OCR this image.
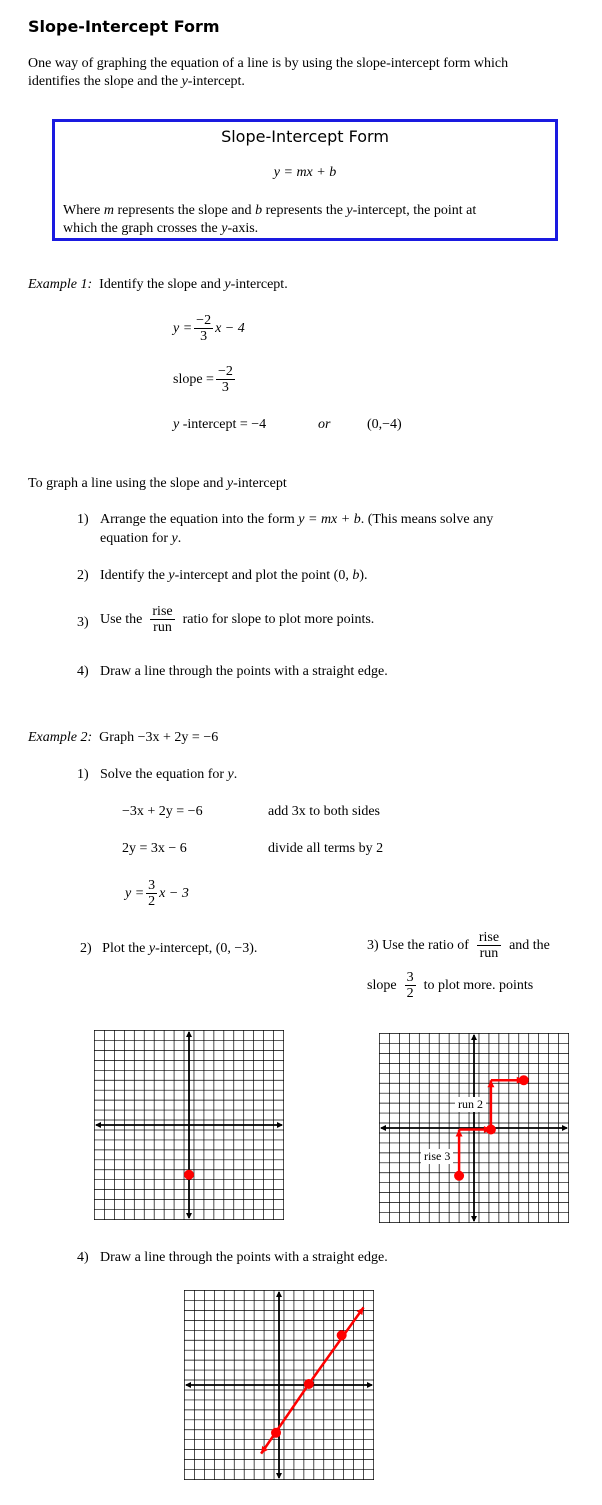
Slope-Intercept Form
One way of graphing the equation of a line is by using the slope-intercept form which
identifies the slope and the y-intercept.
Slope-Intercept Form
y = mx + b
Where m represents the slope and b represents the y-intercept, the point at
which the graph crosses the y-axis.
Example 1: Identify the slope and y-intercept.
$y = \frac{-2}{3}$ x − 4
slope = $\frac{-2}{3}$
y -intercept = −4	or	(0,−4)
To graph a line using the slope and y-intercept
1) Arrange the equation into the form y = mx + b. (This means solve any
equation for y.
2) Identify the y-intercept and plot the point (0, b).
3) Use the $\frac{\text{rise}}{\text{run}}$ ratio for slope to plot more points.
4) Draw a line through the points with a straight edge.
Example 2: Graph −3x + 2y = −6
1) Solve the equation for y.
−3x + 2y = −6	add 3x to both sides
2y = 3x − 6	divide all terms by 2
$y = \frac{3}{2}$ x − 3
2) Plot the y-intercept, (0, −3).	3) Use the ratio of $\frac{\text{rise}}{\text{run}}$ and the
slope $\frac{3}{2}$ to plot more. points
run 2
rise 3
4) Draw a line through the points with a straight edge.
